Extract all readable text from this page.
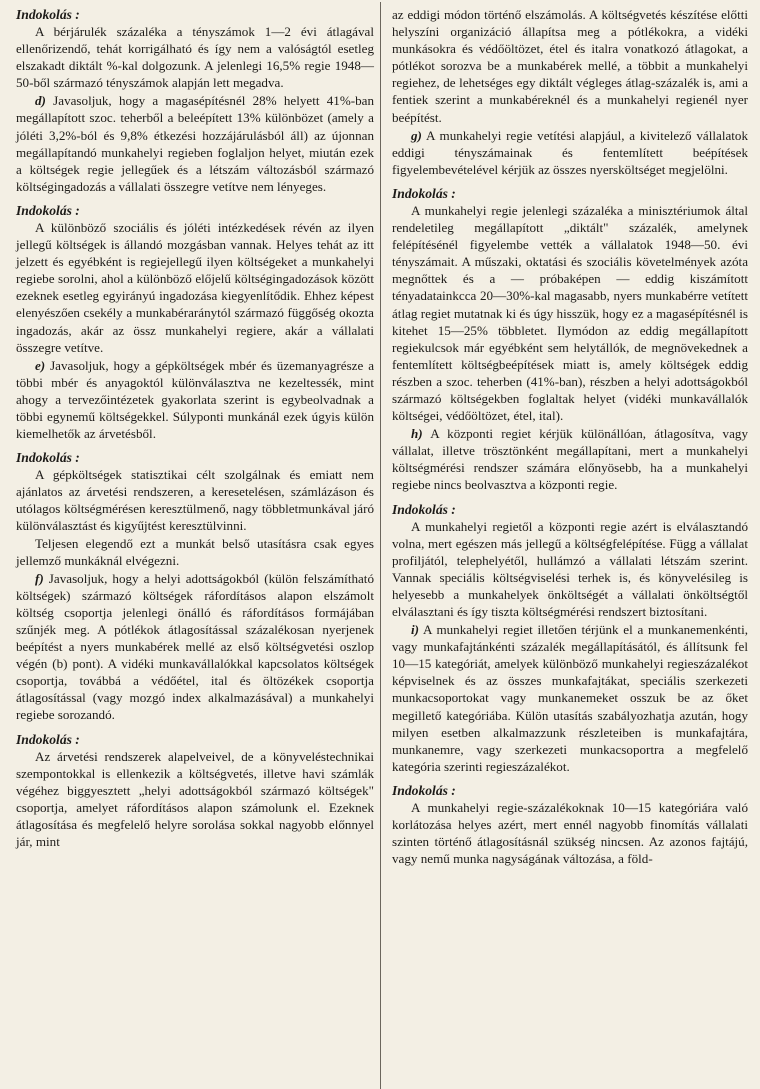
Indokolás :

A bérjárulék százaléka a tényszámok 1—2 évi átlagával ellenőrizendő, tehát korrigálható és így nem a valóságtól esetleg elszakadt diktált %-kal dolgozunk. A jelenlegi 16,5% regie 1948—50-ből származó tényszámok alapján lett megadva.

d) Javasoljuk, hogy a magasépítésnél 28% helyett 41%-ban megállapított szoc. teherből a beleépített 13% különbözet (amely a jóléti 3,2%-ból és 9,8% étkezési hozzájárulásból áll) az újonnan megállapítandó munkahelyi regieben foglaljon helyet, miután ezek a költségek regie jellegűek és a létszám változásból származó költségingadozás a vállalati összegre vetítve nem lényeges.

Indokolás :

A különböző szociális és jóléti intézkedések révén az ilyen jellegű költségek is állandó mozgásban vannak. Helyes tehát az itt jelzett és egyébként is regiejellegű ilyen költségeket a munkahelyi regiebe sorolni, ahol a különböző előjelű költségingadozások között ezeknek esetleg egyirányú ingadozása kiegyenlítődik. Ehhez képest elenyészően csekély a munkabéraránytól származó függőség okozta ingadozás, akár az össz munkahelyi regiere, akár a vállalati összegre vetítve.

e) Javasoljuk, hogy a gépköltségek mbér és üzemanyagrésze a többi mbér és anyagoktól különválasztva ne kezeltessék, mint ahogy a tervezőintézetek gyakorlata szerint is egybeolvadnak a többi egynemű költségekkel. Súlyponti munkánál ezek úgyis külön kiemelhetők az árvetésből.

Indokolás :

A gépköltségek statisztikai célt szolgálnak és emiatt nem ajánlatos az árvetési rendszeren, a keresetelésen, számlázáson és utólagos költségmérésen keresztülmenő, nagy többletmunkával járó különválasztást és kigyűjtést keresztülvinni.

Teljesen elegendő ezt a munkát belső utasításra csak egyes jellemző munkáknál elvégezni.

f) Javasoljuk, hogy a helyi adottságokból (külön felszámítható költségek) származó költségek ráfordításos alapon elszámolt költség csoportja jelenlegi önálló és ráfordításos formájában szűnjék meg. A pótlékok átlagosítással százalékosan nyerjenek beépítést a nyers munkabérek mellé az első költségvetési oszlop végén (b) pont). A vidéki munkavállalókkal kapcsolatos költségek csoportja, továbbá a védőétel, ital és öltözékek csoportja átlagosítással (vagy mozgó index alkalmazásával) a munkahelyi regiebe sorozandó.

Indokolás :

Az árvetési rendszerek alapelveivel, de a könyveléstechnikai szempontokkal is ellenkezik a költségvetés, illetve havi számlák végéhez biggyesztett „helyi adottságokból származó költségek" csoportja, amelyet ráfordításos alapon számolunk el. Ezeknek átlagosítása és megfelelő helyre sorolása sokkal nagyobb előnnyel jár, mint

az eddigi módon történő elszámolás. A költségvetés készítése előtti helyszíni organizáció állapítsa meg a pótlékokra, a vidéki munkásokra és védőöltözet, étel és italra vonatkozó átlagokat, a pótlékot sorozva be a munkabérek mellé, a többit a munkahelyi regiehez, de lehetséges egy diktált végleges átlag-százalék is, ami a fentiek szerint a munkabéreknél és a munkahelyi regienél nyer beépítést.

g) A munkahelyi regie vetítési alapjául, a kivitelező vállalatok eddigi tényszámainak és fentemlített beépítések figyelembevételével kérjük az összes nyersköltséget megjelölni.

Indokolás :

A munkahelyi regie jelenlegi százaléka a minisztériumok által rendeletileg megállapított „diktált" százalék, amelynek felépítésénél figyelembe vették a vállalatok 1948—50. évi tényszámait. A műszaki, oktatási és szociális követelmények azóta megnőttek és a — próbaképen — eddig kiszámított tényadatainkcca 20—30%-kal magasabb, nyers munkabérre vetített átlag regiet mutatnak ki és úgy hisszük, hogy ez a magasépítésnél is kitehet 15—25% többletet. Ilymódon az eddig megállapított regiekulcsok már egyébként sem helytállók, de megnövekednek a fentemlített költségbeépítések miatt is, amely költségek eddig részben a szoc. teherben (41%-ban), részben a helyi adottságokból származó költségekben foglaltak helyet (vidéki munkavállalók költségei, védőöltözet, étel, ital).

h) A központi regiet kérjük különállóan, átlagosítva, vagy vállalat, illetve trösztönként megállapítani, mert a munkahelyi költségmérési rendszer számára előnyösebb, ha a munkahelyi regiebe nincs beolvasztva a központi regie.

Indokolás :

A munkahelyi regietől a központi regie azért is elválasztandó volna, mert egészen más jellegű a költségfelépítése. Függ a vállalat profiljától, telephelyétől, hullámzó a vállalati létszám szerint. Vannak speciális költségviselési terhek is, és könyvelésileg is helyesebb a munkahelyek önköltségét a vállalati önköltségtől elválasztani és így tiszta költségmérési rendszert biztosítani.

i) A munkahelyi regiet illetően térjünk el a munkanemenkénti, vagy munkafajtánkénti százalék megállapításától, és állítsunk fel 10—15 kategóriát, amelyek különböző munkahelyi regieszázalékot képviselnek és az összes munkafajtákat, speciális szerkezeti munkacsoportokat vagy munkanemeket osszuk be az őket megillető kategóriába. Külön utasítás szabályozhatja azután, hogy milyen esetben alkalmazzunk részleteiben is munkafajtára, munkanemre, vagy szerkezeti munkacsoportra a megfelelő kategória szerinti regieszázalékot.

Indokolás :

A munkahelyi regie-százalékoknak 10—15 kategóriára való korlátozása helyes azért, mert ennél nagyobb finomítás vállalati szinten történő átlagosításnál szükség nincsen. Az azonos fajtájú, vagy nemű munka nagyságának változása, a föld-
